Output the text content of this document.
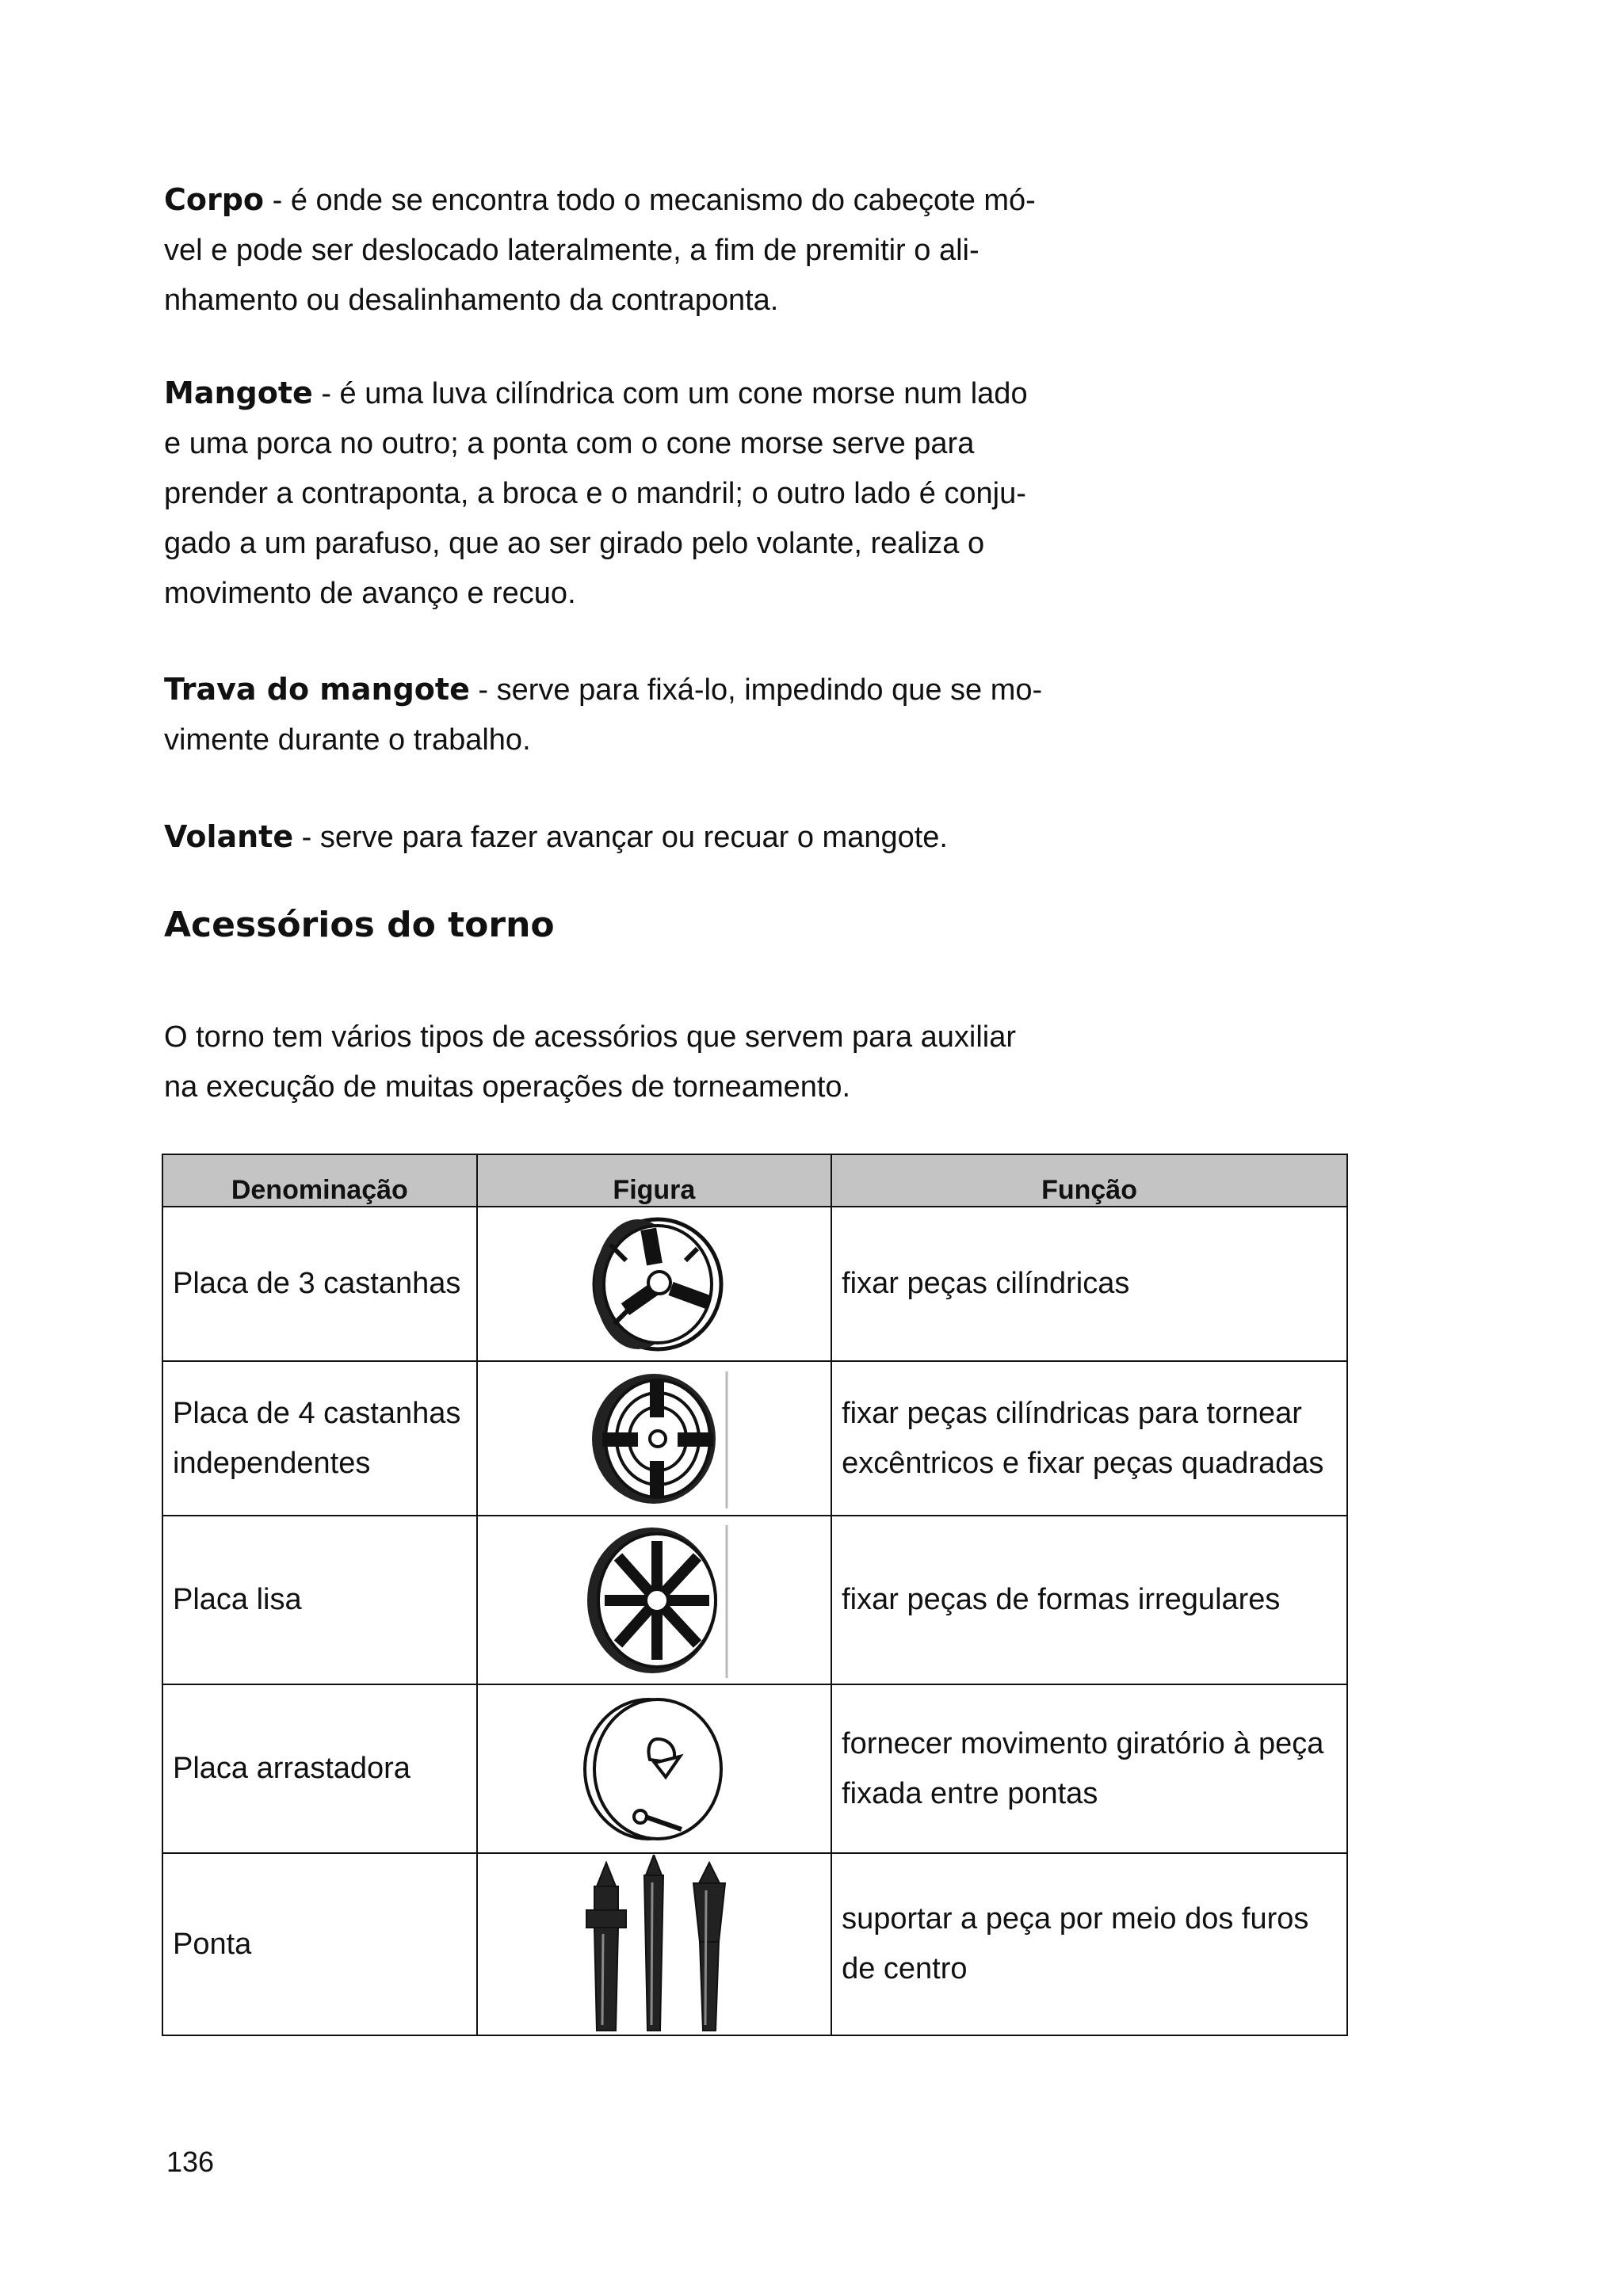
Corpo - é onde se encontra todo o mecanismo do cabeçote mó-
vel e pode ser deslocado lateralmente, a fim de premitir o ali-
nhamento ou desalinhamento da contraponta.
Mangote - é uma luva cilíndrica com um cone morse num lado
e uma porca no outro; a ponta com o cone morse serve para
prender a contraponta, a broca e o mandril; o outro lado é conju-
gado a um parafuso, que ao ser girado pelo volante, realiza o
movimento de avanço e recuo.
Trava do mangote - serve para fixá-lo, impedindo que se mo-
vimente durante o trabalho.
Volante - serve para fazer avançar ou recuar o mangote.
Acessórios do torno
O torno tem vários tipos de acessórios que servem para auxiliar
na execução de muitas operações de torneamento.
Denominação	Figura	Função
Placa de 3 castanhas		fixar peças cilíndricas
Placa de 4 castanhas
independentes		fixar peças cilíndricas para tornear
excêntricos e fixar peças quadradas
Placa lisa		fixar peças de formas irregulares
Placa arrastadora		fornecer movimento giratório à peça
fixada entre pontas
Ponta		suportar a peça por meio dos furos
de centro
136
